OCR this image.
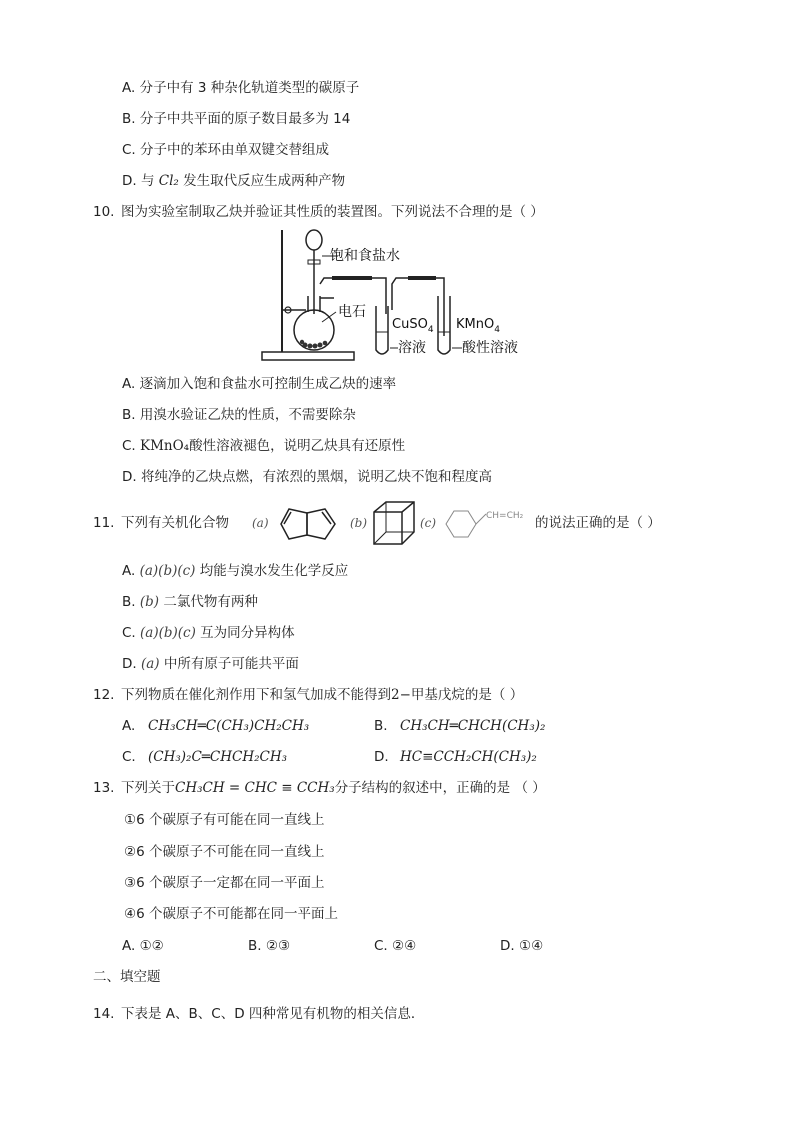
A. 分子中有 3 种杂化轨道类型的碳原子
B. 分子中共平面的原子数目最多为 14
C. 分子中的苯环由单双键交替组成
D. 与 Cl₂ 发生取代反应生成两种产物
10. 图为实验室制取乙炔并验证其性质的装置图。下列说法不合理的是（ ）
饱和食盐水
电石
CuSO$_4$
溶液
KMnO$_4$
酸性溶液
A. 逐滴加入饱和食盐水可控制生成乙炔的速率
B. 用溴水验证乙炔的性质，不需要除杂
C. KMnO₄酸性溶液褪色，说明乙炔具有还原性
D. 将纯净的乙炔点燃，有浓烈的黑烟，说明乙炔不饱和程度高
11. 下列有关机化合物 (a)	(b)	(c)	CH=CH₂ 的说法正确的是（ ）
A. (a)(b)(c) 均能与溴水发生化学反应
B. (b) 二氯代物有两种
C. (a)(b)(c) 互为同分异构体
D. (a) 中所有原子可能共平面
12. 下列物质在催化剂作用下和氢气加成不能得到2−甲基戊烷的是（ ）
A. CH₃CH═C(CH₃)CH₂CH₃	B. CH₃CH═CHCH(CH₃)₂
C. (CH₃)₂C═CHCH₂CH₃	D. HC≡CCH₂CH(CH₃)₂
13. 下列关于CH₃CH = CHC ≡ CCH₃分子结构的叙述中，正确的是 （ ）
①6 个碳原子有可能在同一直线上
②6 个碳原子不可能在同一直线上
③6 个碳原子一定都在同一平面上
④6 个碳原子不可能都在同一平面上
A. ①②	B. ②③	C. ②④	D. ①④
二、填空题
14. 下表是 A、B、C、D 四种常见有机物的相关信息．
